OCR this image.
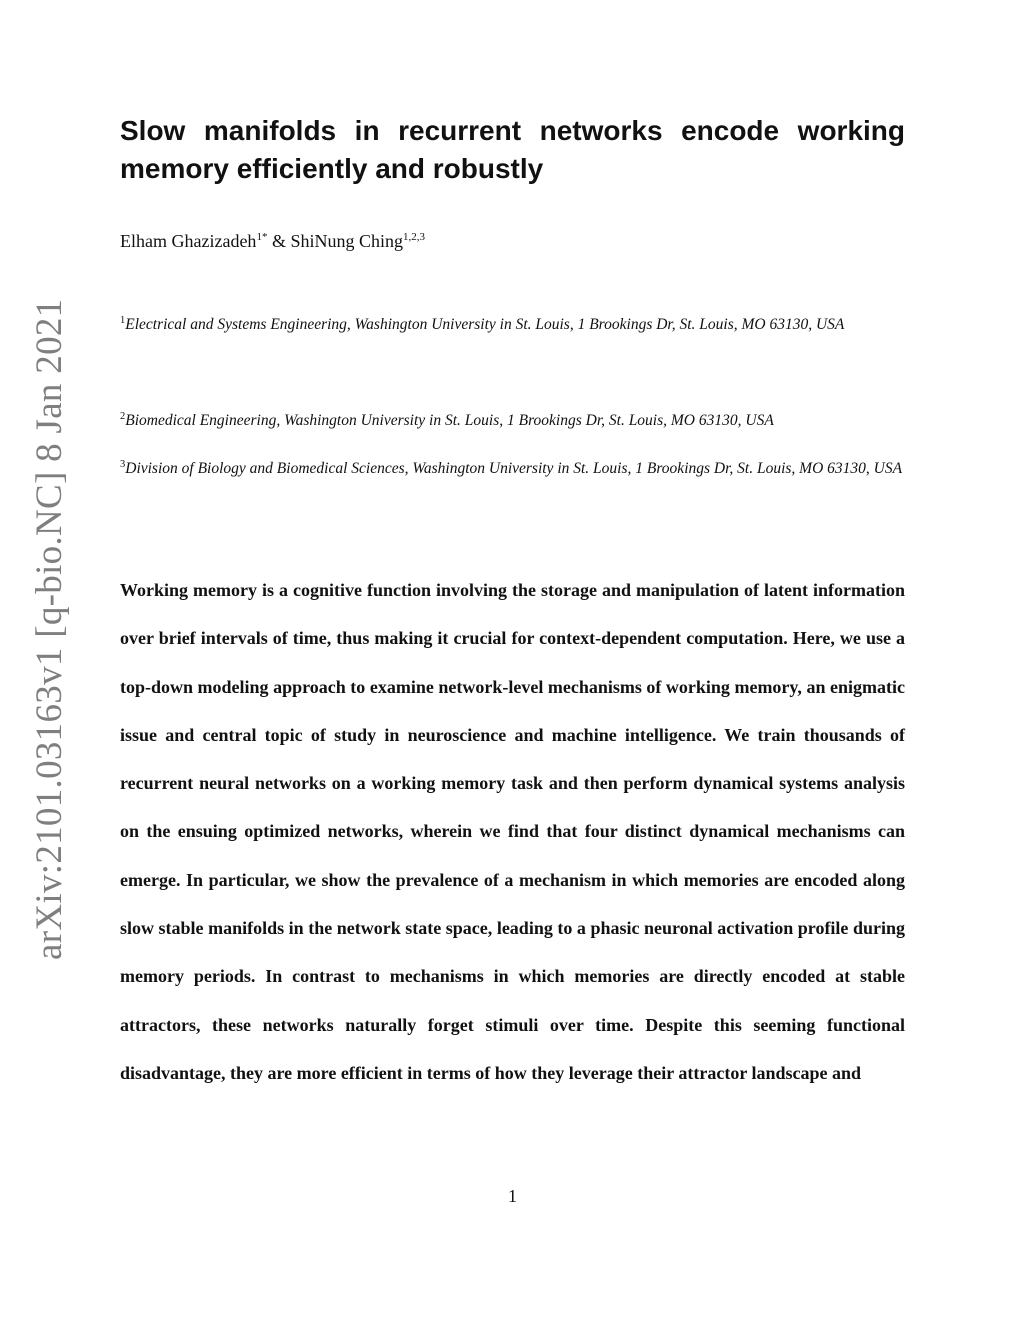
arXiv:2101.03163v1 [q-bio.NC] 8 Jan 2021
Slow manifolds in recurrent networks encode working memory efficiently and robustly
Elham Ghazizadeh$^{1*}$ & ShiNung Ching$^{1,2,3}$

$^1$Electrical and Systems Engineering, Washington University in St. Louis, 1 Brookings Dr, St. Louis, MO 63130, USA

$^2$Biomedical Engineering, Washington University in St. Louis, 1 Brookings Dr, St. Louis, MO 63130, USA

$^3$Division of Biology and Biomedical Sciences, Washington University in St. Louis, 1 Brookings Dr, St. Louis, MO 63130, USA

Working memory is a cognitive function involving the storage and manipulation of latent information over brief intervals of time, thus making it crucial for context-dependent computation. Here, we use a top-down modeling approach to examine network-level mechanisms of working memory, an enigmatic issue and central topic of study in neuroscience and machine intelligence. We train thousands of recurrent neural networks on a working memory task and then perform dynamical systems analysis on the ensuing optimized networks, wherein we find that four distinct dynamical mechanisms can emerge. In particular, we show the prevalence of a mechanism in which memories are encoded along slow stable manifolds in the network state space, leading to a phasic neuronal activation profile during memory periods. In contrast to mechanisms in which memories are directly encoded at stable attractors, these networks naturally forget stimuli over time. Despite this seeming functional disadvantage, they are more efficient in terms of how they leverage their attractor landscape and

1
